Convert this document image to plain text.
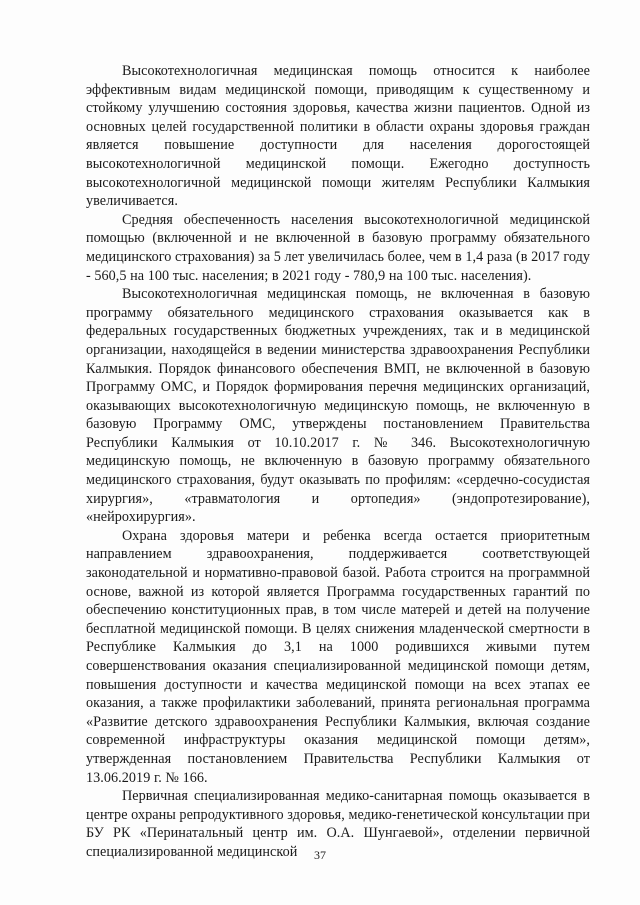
Высокотехнологичная медицинская помощь относится к наиболее эффективным видам медицинской помощи, приводящим к существенному и стойкому улучшению состояния здоровья, качества жизни пациентов. Одной из основных целей государственной политики в области охраны здоровья граждан является повышение доступности для населения дорогостоящей высокотехнологичной медицинской помощи. Ежегодно доступность высокотехнологичной медицинской помощи жителям Республики Калмыкия увеличивается.

Средняя обеспеченность населения высокотехнологичной медицинской помощью (включенной и не включенной в базовую программу обязательного медицинского страхования) за 5 лет увеличилась более, чем в 1,4 раза (в 2017 году - 560,5 на 100 тыс. населения; в 2021 году - 780,9 на 100 тыс. населения).

Высокотехнологичная медицинская помощь, не включенная в базовую программу обязательного медицинского страхования оказывается как в федеральных государственных бюджетных учреждениях, так и в медицинской организации, находящейся в ведении министерства здравоохранения Республики Калмыкия. Порядок финансового обеспечения ВМП, не включенной в базовую Программу ОМС, и Порядок формирования перечня медицинских организаций, оказывающих высокотехнологичную медицинскую помощь, не включенную в базовую Программу ОМС, утверждены постановлением Правительства Республики Калмыкия от 10.10.2017 г. № 346. Высокотехнологичную медицинскую помощь, не включенную в базовую программу обязательного медицинского страхования, будут оказывать по профилям: «сердечно-сосудистая хирургия», «травматология и ортопедия» (эндопротезирование), «нейрохирургия».

Охрана здоровья матери и ребенка всегда остается приоритетным направлением здравоохранения, поддерживается соответствующей законодательной и нормативно-правовой базой. Работа строится на программной основе, важной из которой является Программа государственных гарантий по обеспечению конституционных прав, в том числе матерей и детей на получение бесплатной медицинской помощи. В целях снижения младенческой смертности в Республике Калмыкия до 3,1 на 1000 родившихся живыми путем совершенствования оказания специализированной медицинской помощи детям, повышения доступности и качества медицинской помощи на всех этапах ее оказания, а также профилактики заболеваний, принята региональная программа «Развитие детского здравоохранения Республики Калмыкия, включая создание современной инфраструктуры оказания медицинской помощи детям», утвержденная постановлением Правительства Республики Калмыкия от 13.06.2019 г. № 166.

Первичная специализированная медико-санитарная помощь оказывается в центре охраны репродуктивного здоровья, медико-генетической консультации при БУ РК «Перинатальный центр им. О.А. Шунгаевой», отделении первичной специализированной медицинской	37
